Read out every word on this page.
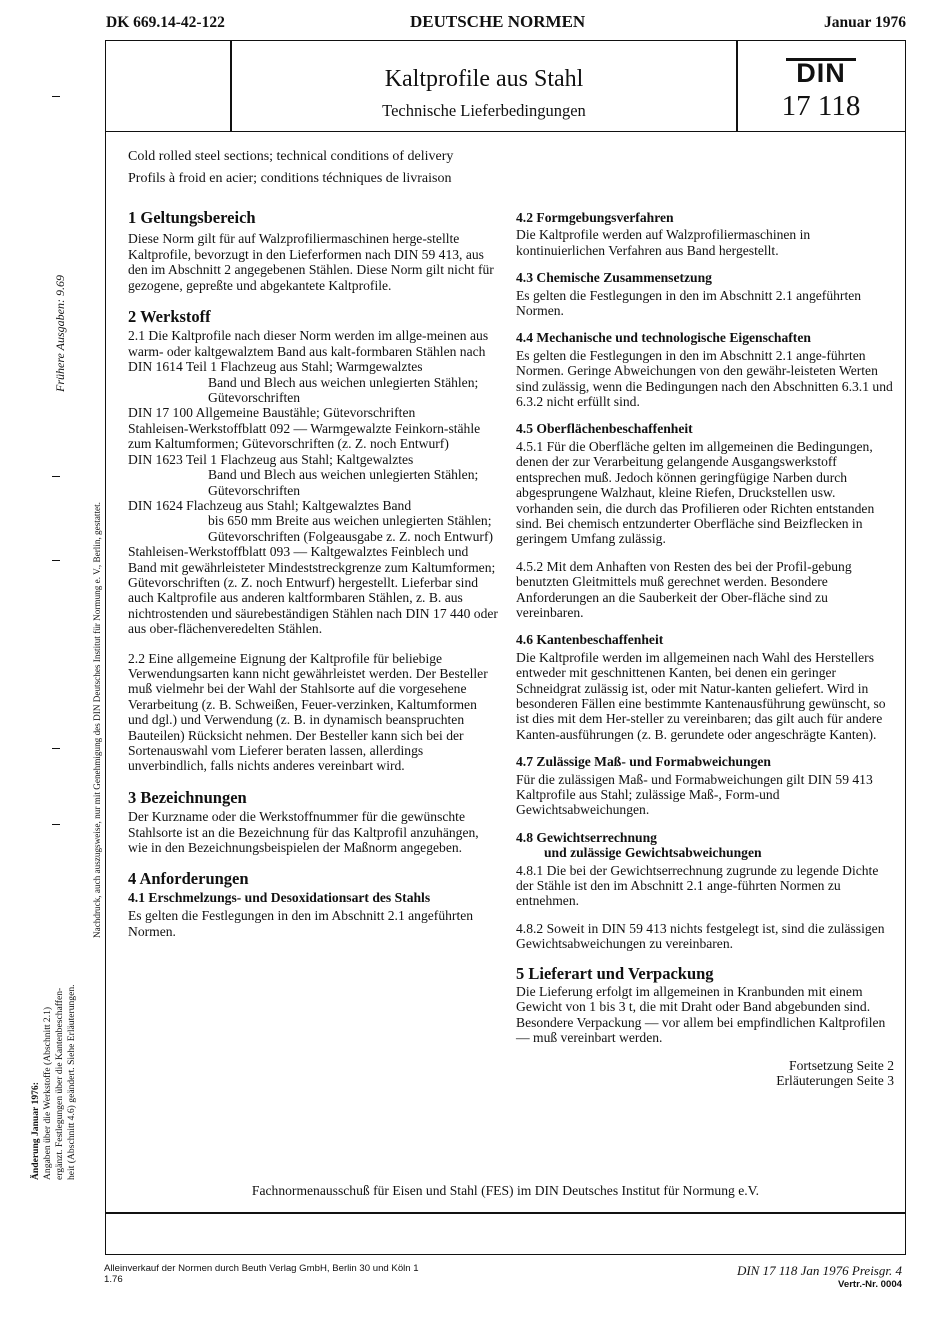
DK 669.14-42-122	DEUTSCHE NORMEN	Januar 1976
Kaltprofile aus Stahl
Technische Lieferbedingungen
DIN
17 118
Cold rolled steel sections; technical conditions of delivery
Profils à froid en acier; conditions téchniques de livraison
1 Geltungsbereich

Diese Norm gilt für auf Walzprofiliermaschinen herge-stellte Kaltprofile, bevorzugt in den Lieferformen nach DIN 59 413, aus den im Abschnitt 2 angegebenen Stählen. Diese Norm gilt nicht für gezogene, gepreßte und abgekantete Kaltprofile.

2 Werkstoff

2.1 Die Kaltprofile nach dieser Norm werden im allge-meinen aus warm- oder kaltgewalztem Band aus kalt-formbaren Stählen nach

DIN 1614 Teil 1 Flachzeug aus Stahl; Warmgewalztes

Band und Blech aus weichen unlegierten Stählen; Gütevorschriften

DIN 17 100 Allgemeine Baustähle; Gütevorschriften

Stahleisen-Werkstoffblatt 092 — Warmgewalzte Feinkorn-stähle zum Kaltumformen; Gütevorschriften (z. Z. noch Entwurf)

DIN 1623 Teil 1 Flachzeug aus Stahl; Kaltgewalztes

Band und Blech aus weichen unlegierten Stählen; Gütevorschriften

DIN 1624 Flachzeug aus Stahl; Kaltgewalztes Band

bis 650 mm Breite aus weichen unlegierten Stählen; Gütevorschriften (Folgeausgabe z. Z. noch Entwurf)

Stahleisen-Werkstoffblatt 093 — Kaltgewalztes Feinblech und Band mit gewährleisteter Mindeststreckgrenze zum Kaltumformen; Gütevorschriften (z. Z. noch Entwurf) hergestellt. Lieferbar sind auch Kaltprofile aus anderen kaltformbaren Stählen, z. B. aus nichtrostenden und säurebeständigen Stählen nach DIN 17 440 oder aus ober-flächenveredelten Stählen.

2.2 Eine allgemeine Eignung der Kaltprofile für beliebige Verwendungsarten kann nicht gewährleistet werden. Der Besteller muß vielmehr bei der Wahl der Stahlsorte auf die vorgesehene Verarbeitung (z. B. Schweißen, Feuer-verzinken, Kaltumformen und dgl.) und Verwendung (z. B. in dynamisch beanspruchten Bauteilen) Rücksicht nehmen. Der Besteller kann sich bei der Sortenauswahl vom Lieferer beraten lassen, allerdings unverbindlich, falls nichts anderes vereinbart wird.

3 Bezeichnungen

Der Kurzname oder die Werkstoffnummer für die gewünschte Stahlsorte ist an die Bezeichnung für das Kaltprofil anzuhängen, wie in den Bezeichnungsbeispielen der Maßnorm angegeben.

4 Anforderungen
4.1 Erschmelzungs- und Desoxidationsart des Stahls

Es gelten die Festlegungen in den im Abschnitt 2.1 angeführten Normen.

4.2 Formgebungsverfahren

Die Kaltprofile werden auf Walzprofiliermaschinen in kontinuierlichen Verfahren aus Band hergestellt.

4.3 Chemische Zusammensetzung

Es gelten die Festlegungen in den im Abschnitt 2.1 angeführten Normen.

4.4 Mechanische und technologische Eigenschaften

Es gelten die Festlegungen in den im Abschnitt 2.1 ange-führten Normen. Geringe Abweichungen von den gewähr-leisteten Werten sind zulässig, wenn die Bedingungen nach den Abschnitten 6.3.1 und 6.3.2 nicht erfüllt sind.

4.5 Oberflächenbeschaffenheit

4.5.1 Für die Oberfläche gelten im allgemeinen die Bedingungen, denen der zur Verarbeitung gelangende Ausgangswerkstoff entsprechen muß. Jedoch können geringfügige Narben durch abgesprungene Walzhaut, kleine Riefen, Druckstellen usw. vorhanden sein, die durch das Profilieren oder Richten entstanden sind. Bei chemisch entzunderter Oberfläche sind Beizflecken in geringem Umfang zulässig.

4.5.2 Mit dem Anhaften von Resten des bei der Profil-gebung benutzten Gleitmittels muß gerechnet werden. Besondere Anforderungen an die Sauberkeit der Ober-fläche sind zu vereinbaren.

4.6 Kantenbeschaffenheit

Die Kaltprofile werden im allgemeinen nach Wahl des Herstellers entweder mit geschnittenen Kanten, bei denen ein geringer Schneidgrat zulässig ist, oder mit Natur-kanten geliefert. Wird in besonderen Fällen eine bestimmte Kantenausführung gewünscht, so ist dies mit dem Her-steller zu vereinbaren; das gilt auch für andere Kanten-ausführungen (z. B. gerundete oder angeschrägte Kanten).

4.7 Zulässige Maß- und Formabweichungen

Für die zulässigen Maß- und Formabweichungen gilt DIN 59 413 Kaltprofile aus Stahl; zulässige Maß-, Form-und Gewichtsabweichungen.

4.8 Gewichtserrechnung
und zulässige Gewichtsabweichungen

4.8.1 Die bei der Gewichtserrechnung zugrunde zu legende Dichte der Stähle ist den im Abschnitt 2.1 ange-führten Normen zu entnehmen.

4.8.2 Soweit in DIN 59 413 nichts festgelegt ist, sind die zulässigen Gewichtsabweichungen zu vereinbaren.

5 Lieferart und Verpackung

Die Lieferung erfolgt im allgemeinen in Kranbunden mit einem Gewicht von 1 bis 3 t, die mit Draht oder Band abgebunden sind. Besondere Verpackung — vor allem bei empfindlichen Kaltprofilen — muß vereinbart werden.

Fortsetzung Seite 2

Erläuterungen Seite 3

Fachnormenausschuß für Eisen und Stahl (FES) im DIN Deutsches Institut für Normung e.V.
Frühere Ausgaben: 9.69
Nachdruck, auch auszugsweise, nur mit Genehmigung des DIN Deutsches Institut für Normung e. V., Berlin, gestattet.
Änderung Januar 1976: Angaben über die Werkstoffe (Abschnitt 2.1) ergänzt. Festlegungen über die Kantenbeschaffen- heit (Abschnitt 4.6) geändert. Siehe Erläuterungen.
Alleinverkauf der Normen durch Beuth Verlag GmbH, Berlin 30 und Köln 1
1.76
DIN 17 118 Jan 1976 Preisgr. 4
Vertr.-Nr. 0004
